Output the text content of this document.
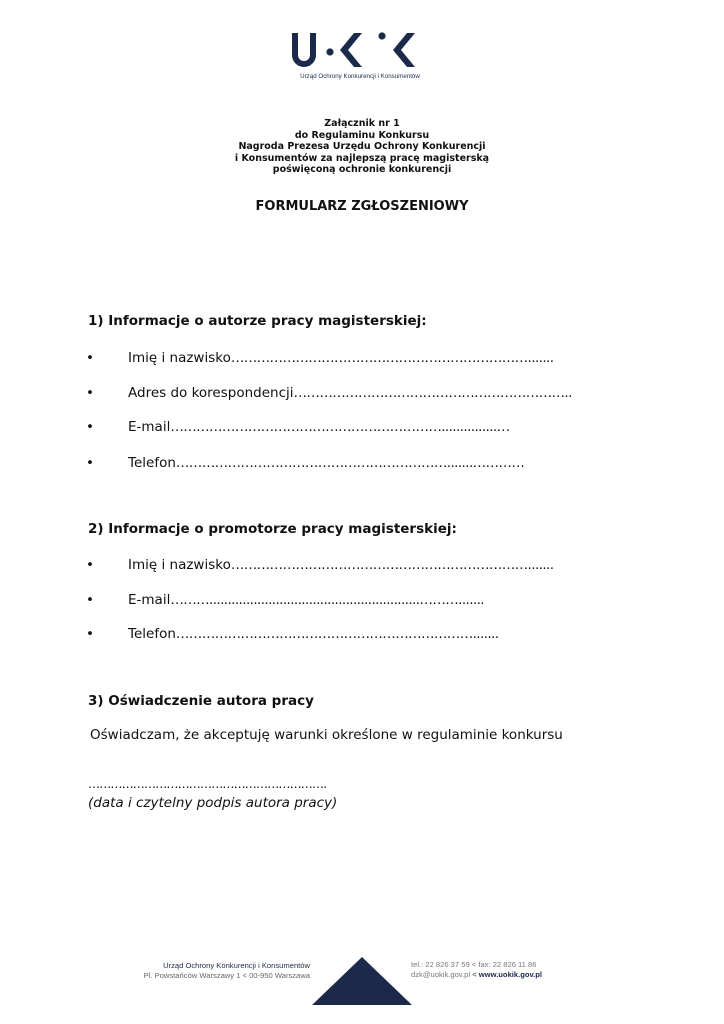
Urząd Ochrony Konkurencji i Konsumentów
Załącznik nr 1
do Regulaminu Konkursu
Nagroda Prezesa Urzędu Ochrony Konkurencji
i Konsumentów za najlepszą pracę magisterską
poświęconą ochronie konkurencji
FORMULARZ ZGŁOSZENIOWY
1) Informacje o autorze pracy magisterskiej:
•	Imię i nazwisko…………………………………………………………….......
•	Adres do korespondencji………………………………………………………..
•	E-mail………………………………………………………...............…
•	Telefon……………………………………………………….......…………
2) Informacje o promotorze pracy magisterskiej:
•	Imię i nazwisko…………………………………………………………….......
•	E-mail……….........................................................……….......
•	Telefon…………………………………………………………….......
3) Oświadczenie autora pracy
Oświadczam, że akceptuję warunki określone w regulaminie konkursu
……………………………………………………….
(data i czytelny podpis autora pracy)
Urząd Ochrony Konkurencji i Konsumentów
Pl. Powstańców Warszawy 1 < 00-950 Warszawa
tel.: 22 826 37 59 < fax: 22 826 11 86
dzk@uokik.gov.pl < www.uokik.gov.pl
